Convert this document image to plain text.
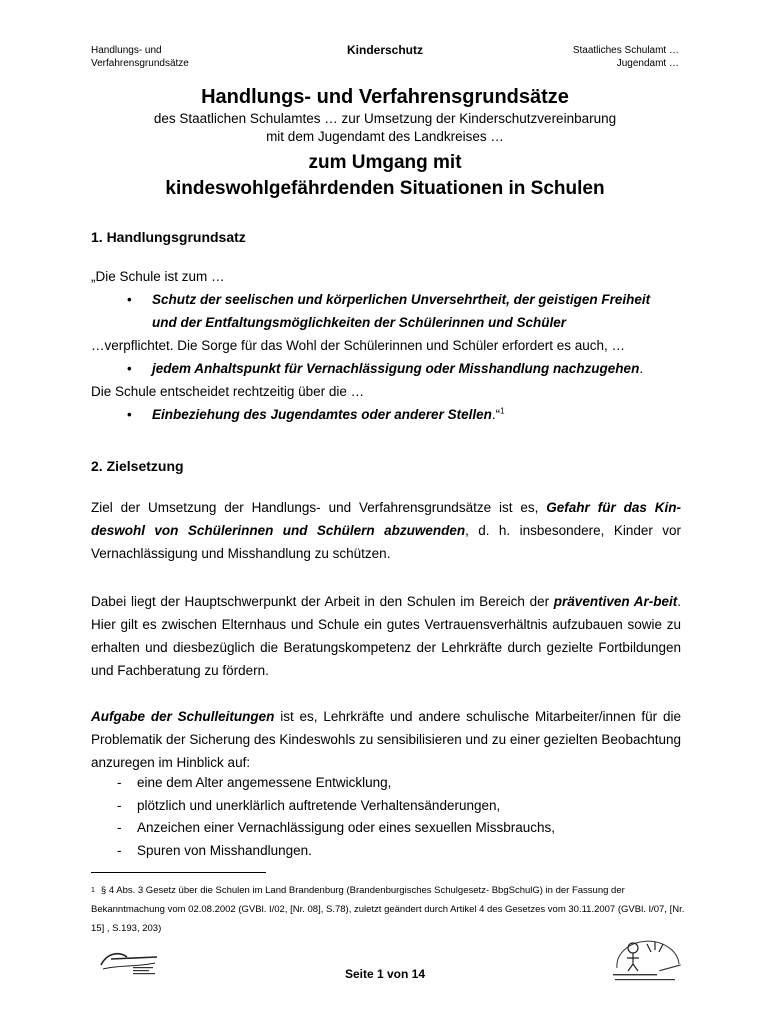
Handlungs- und
Verfahrensgrundsätze
Kinderschutz	Staatliches Schulamt …
Jugendamt …
Handlungs- und Verfahrensgrundsätze
des Staatlichen Schulamtes … zur Umsetzung der Kinderschutzvereinbarung
mit dem Jugendamt des Landkreises …
zum Umgang mit
kindeswohlgefährdenden Situationen in Schulen
1. Handlungsgrundsatz
„Die Schule ist zum …
• Schutz der seelischen und körperlichen Unversehrtheit, der geistigen Freiheit
und der Entfaltungsmöglichkeiten der Schülerinnen und Schüler
…verpflichtet. Die Sorge für das Wohl der Schülerinnen und Schüler erfordert es auch, …
• jedem Anhaltspunkt für Vernachlässigung oder Misshandlung nachzugehen.
Die Schule entscheidet rechtzeitig über die …
• Einbeziehung des Jugendamtes oder anderer Stellen.“$^1$
2. Zielsetzung
Ziel der Umsetzung der Handlungs- und Verfahrensgrundsätze ist es, Gefahr für das Kin-deswohl von Schülerinnen und Schülern abzuwenden, d. h. insbesondere, Kinder vor Vernachlässigung und Misshandlung zu schützen.
Dabei liegt der Hauptschwerpunkt der Arbeit in den Schulen im Bereich der präventiven Ar-beit. Hier gilt es zwischen Elternhaus und Schule ein gutes Vertrauensverhältnis aufzubauen sowie zu erhalten und diesbezüglich die Beratungskompetenz der Lehrkräfte durch gezielte Fortbildungen und Fachberatung zu fördern.
Aufgabe der Schulleitungen ist es, Lehrkräfte und andere schulische Mitarbeiter/innen für die Problematik der Sicherung des Kindeswohls zu sensibilisieren und zu einer gezielten Beobachtung anzuregen im Hinblick auf:
- eine dem Alter angemessene Entwicklung,
- plötzlich und unerklärlich auftretende Verhaltensänderungen,
- Anzeichen einer Vernachlässigung oder eines sexuellen Missbrauchs,
- Spuren von Misshandlungen.
$^1$ § 4 Abs. 3 Gesetz über die Schulen im Land Brandenburg (Brandenburgisches Schulgesetz- BbgSchulG) in der Fassung der Bekanntmachung vom 02.08.2002 (GVBl. I/02, [Nr. 08], S.78), zuletzt geändert durch Artikel 4 des Gesetzes vom 30.11.2007 (GVBl. I/07, [Nr. 15] , S.193, 203)
Seite 1 von 14
